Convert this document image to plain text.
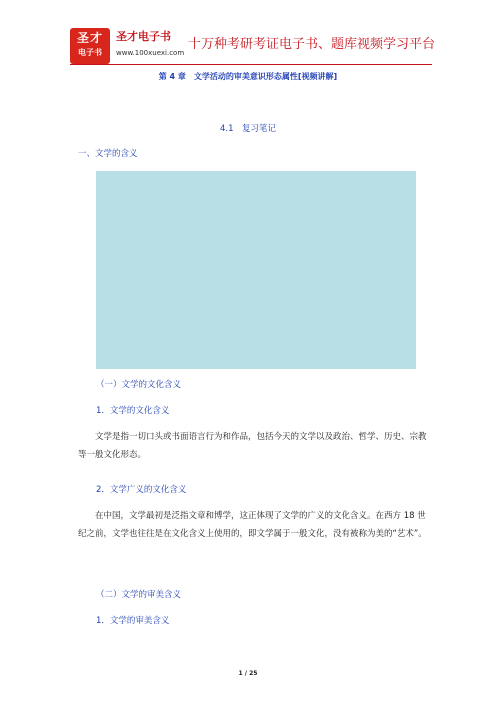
圣才
电子书
圣才电子书
www.100xuexi.com
十万种考研考证电子书、题库视频学习平台
第 4 章　文学活动的审美意识形态属性[视频讲解]
4.1　复习笔记
一、文学的含义
（一）文学的文化含义
1．文学的文化含义
文学是指一切口头或书面语言行为和作品，包括今天的文学以及政治、哲学、历史、宗教等一般文化形态。
2．文学广义的文化含义
在中国，文学最初是泛指文章和博学，这正体现了文学的广义的文化含义。在西方 18 世纪之前，文学也往往是在文化含义上使用的，即文学属于一般文化，没有被称为美的“艺术”。
（二）文学的审美含义
1．文学的审美含义
1 / 25
